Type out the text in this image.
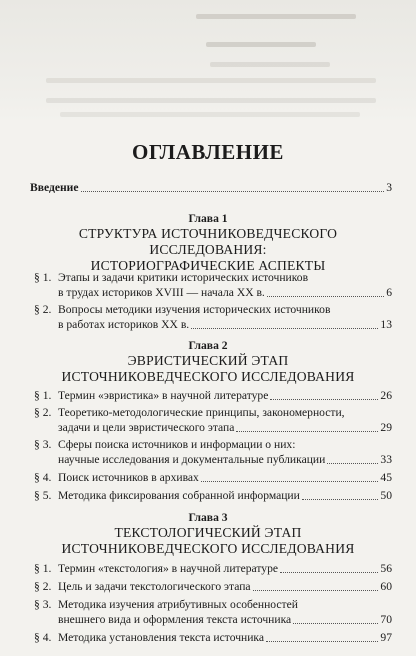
ОГЛАВЛЕНИЕ
Введение	3
Глава 1
СТРУКТУРА ИСТОЧНИКОВЕДЧЕСКОГО
ИССЛЕДОВАНИЯ:
ИСТОРИОГРАФИЧЕСКИЕ АСПЕКТЫ
§ 1. Этапы и задачи критики исторических источников
в трудах историков XVIII — начала XX в.	6
§ 2. Вопросы методики изучения исторических источников
в работах историков XX в.	13
Глава 2
ЭВРИСТИЧЕСКИЙ ЭТАП
ИСТОЧНИКОВЕДЧЕСКОГО ИССЛЕДОВАНИЯ
§ 1. Термин «эвристика» в научной литературе	26
§ 2. Теоретико-методологические принципы, закономерности,
задачи и цели эвристического этапа	29
§ 3. Сферы поиска источников и информации о них:
научные исследования и документальные публикации	33
§ 4. Поиск источников в архивах	45
§ 5. Методика фиксирования собранной информации	50
Глава 3
ТЕКСТОЛОГИЧЕСКИЙ ЭТАП
ИСТОЧНИКОВЕДЧЕСКОГО ИССЛЕДОВАНИЯ
§ 1. Термин «текстология» в научной литературе	56
§ 2. Цель и задачи текстологического этапа	60
§ 3. Методика изучения атрибутивных особенностей
внешнего вида и оформления текста источника	70
§ 4. Методика установления текста источника	97
